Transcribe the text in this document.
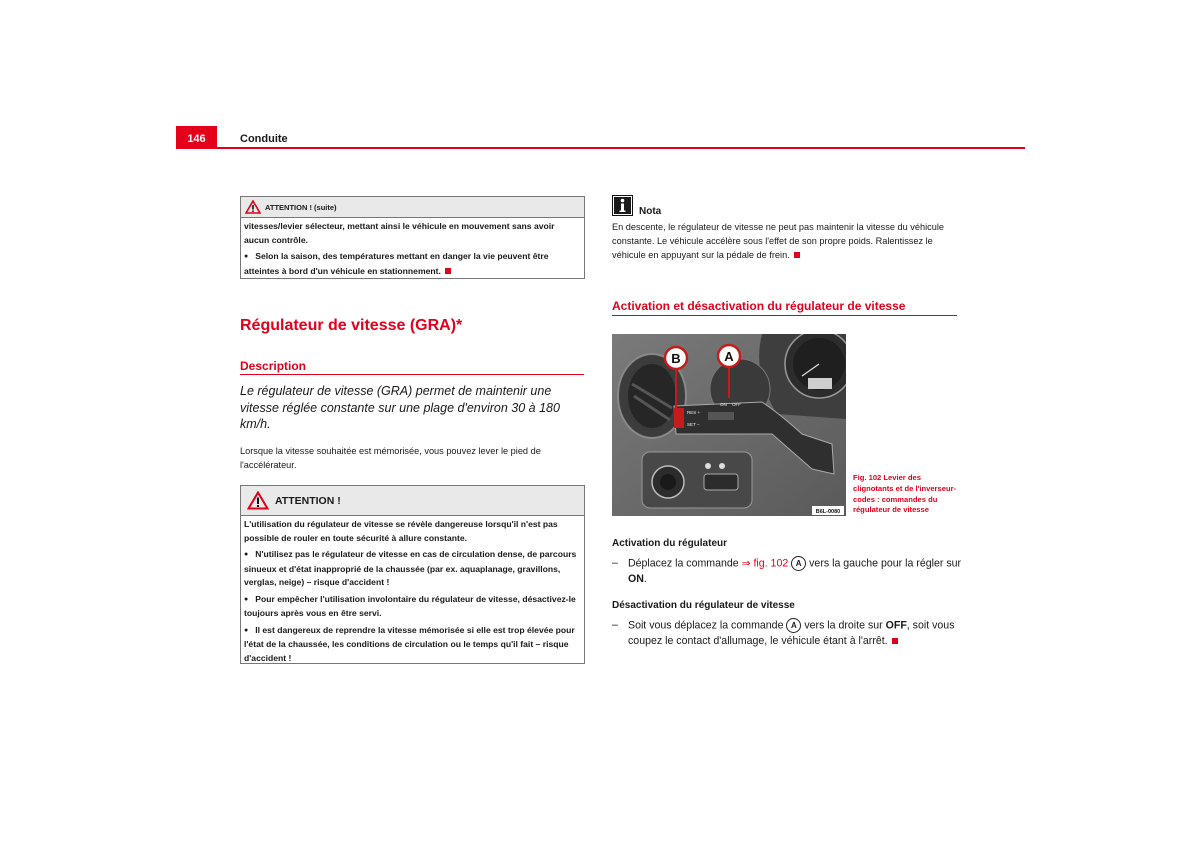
146	Conduite
ATTENTION ! (suite)

vitesses/levier sélecteur, mettant ainsi le véhicule en mouvement sans avoir aucun contrôle.

● Selon la saison, des températures mettant en danger la vie peuvent être atteintes à bord d'un véhicule en stationnement.

Régulateur de vitesse (GRA)*
Description
Le régulateur de vitesse (GRA) permet de maintenir une vitesse réglée constante sur une plage d'environ 30 à 180 km/h.
Lorsque la vitesse souhaitée est mémorisée, vous pouvez lever le pied de l'accélérateur.
ATTENTION !

L'utilisation du régulateur de vitesse se révèle dangereuse lorsqu'il n'est pas possible de rouler en toute sécurité à allure constante.

● N'utilisez pas le régulateur de vitesse en cas de circulation dense, de parcours sinueux et d'état inapproprié de la chaussée (par ex. aquaplanage, gravillons, verglas, neige) – risque d'accident !

● Pour empêcher l'utilisation involontaire du régulateur de vitesse, désactivez-le toujours après vous en être servi.

● Il est dangereux de reprendre la vitesse mémorisée si elle est trop élevée pour l'état de la chaussée, les conditions de circulation ou le temps qu'il fait – risque d'accident !

Nota
En descente, le régulateur de vitesse ne peut pas maintenir la vitesse du véhicule constante. Le véhicule accélère sous l'effet de son propre poids. Ralentissez le véhicule en appuyant sur la pédale de frein.
Activation et désactivation du régulateur de vitesse
RES +
SET –
ON OFF
B	A
B6L-0080
Fig. 102 Levier des clignotants et de l'inverseur-codes : commandes du régulateur de vitesse
Activation du régulateur
– Déplacez la commande ⇒ fig. 102 A vers la gauche pour la régler sur ON.
Désactivation du régulateur de vitesse
– Soit vous déplacez la commande A vers la droite sur OFF, soit vous coupez le contact d'allumage, le véhicule étant à l'arrêt.
